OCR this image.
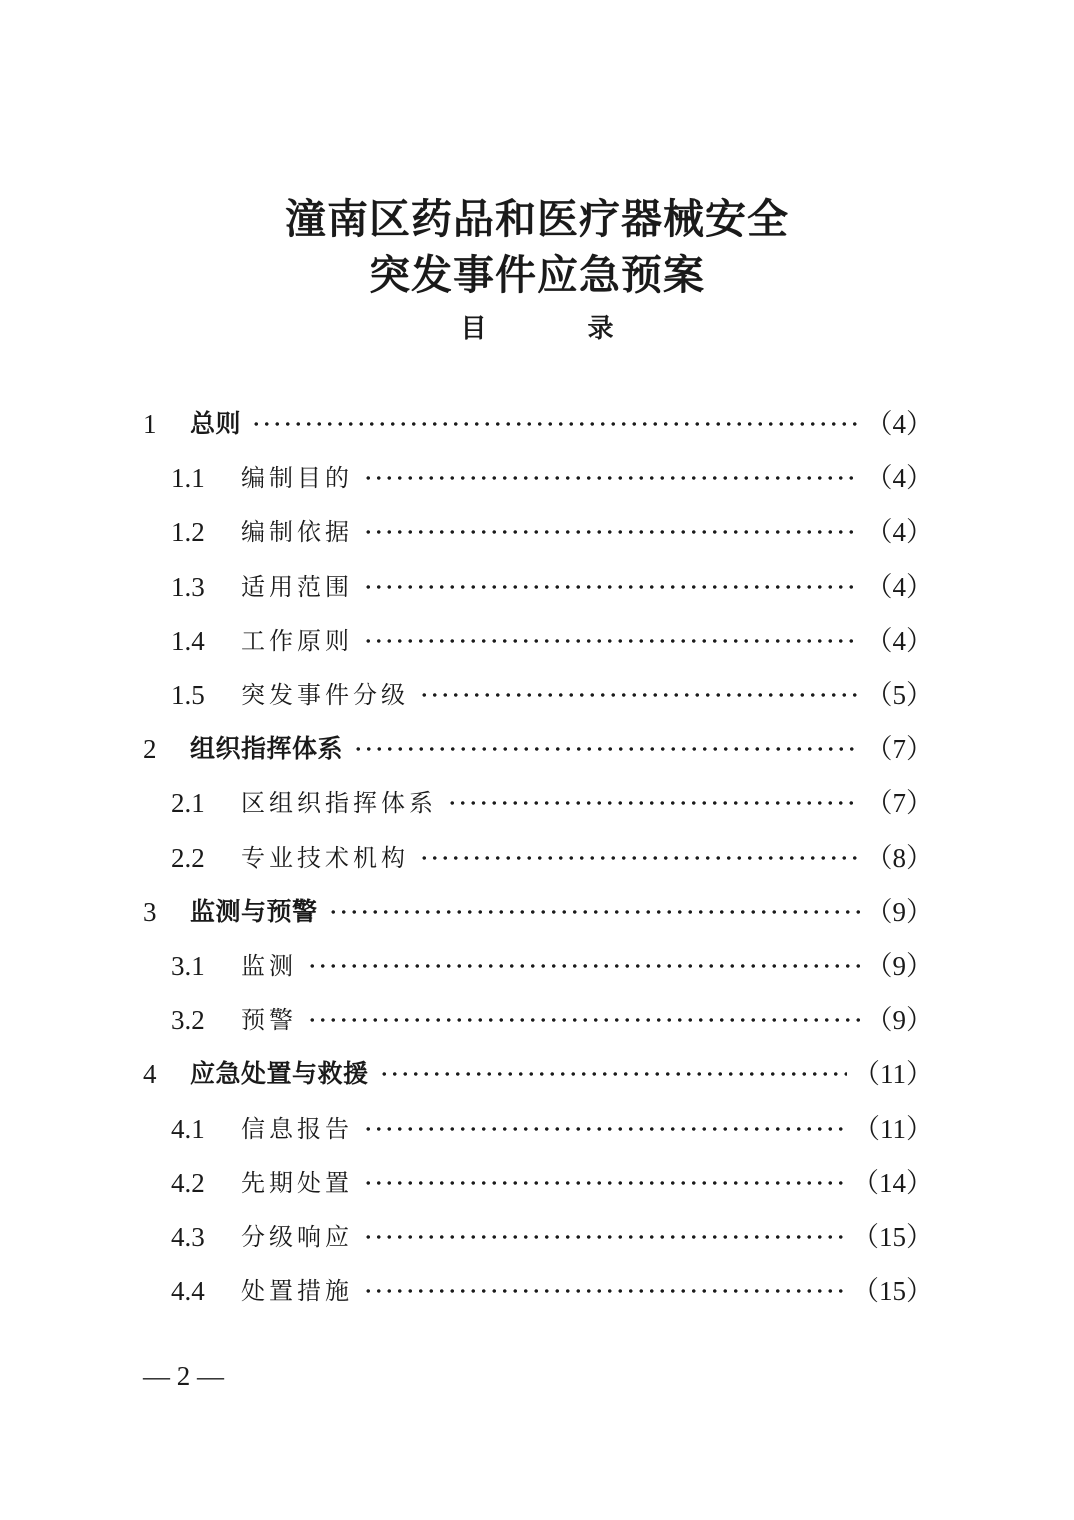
潼南区药品和医疗器械安全
突发事件应急预案
目 录
1	总则	（4）
1.1	编制目的	（4）
1.2	编制依据	（4）
1.3	适用范围	（4）
1.4	工作原则	（4）
1.5	突发事件分级	（5）
2	组织指挥体系	（7）
2.1	区组织指挥体系	（7）
2.2	专业技术机构	（8）
3	监测与预警	（9）
3.1	监测	（9）
3.2	预警	（9）
4	应急处置与救援	（11）
4.1	信息报告	（11）
4.2	先期处置	（14）
4.3	分级响应	（15）
4.4	处置措施	（15）
— 2 —
